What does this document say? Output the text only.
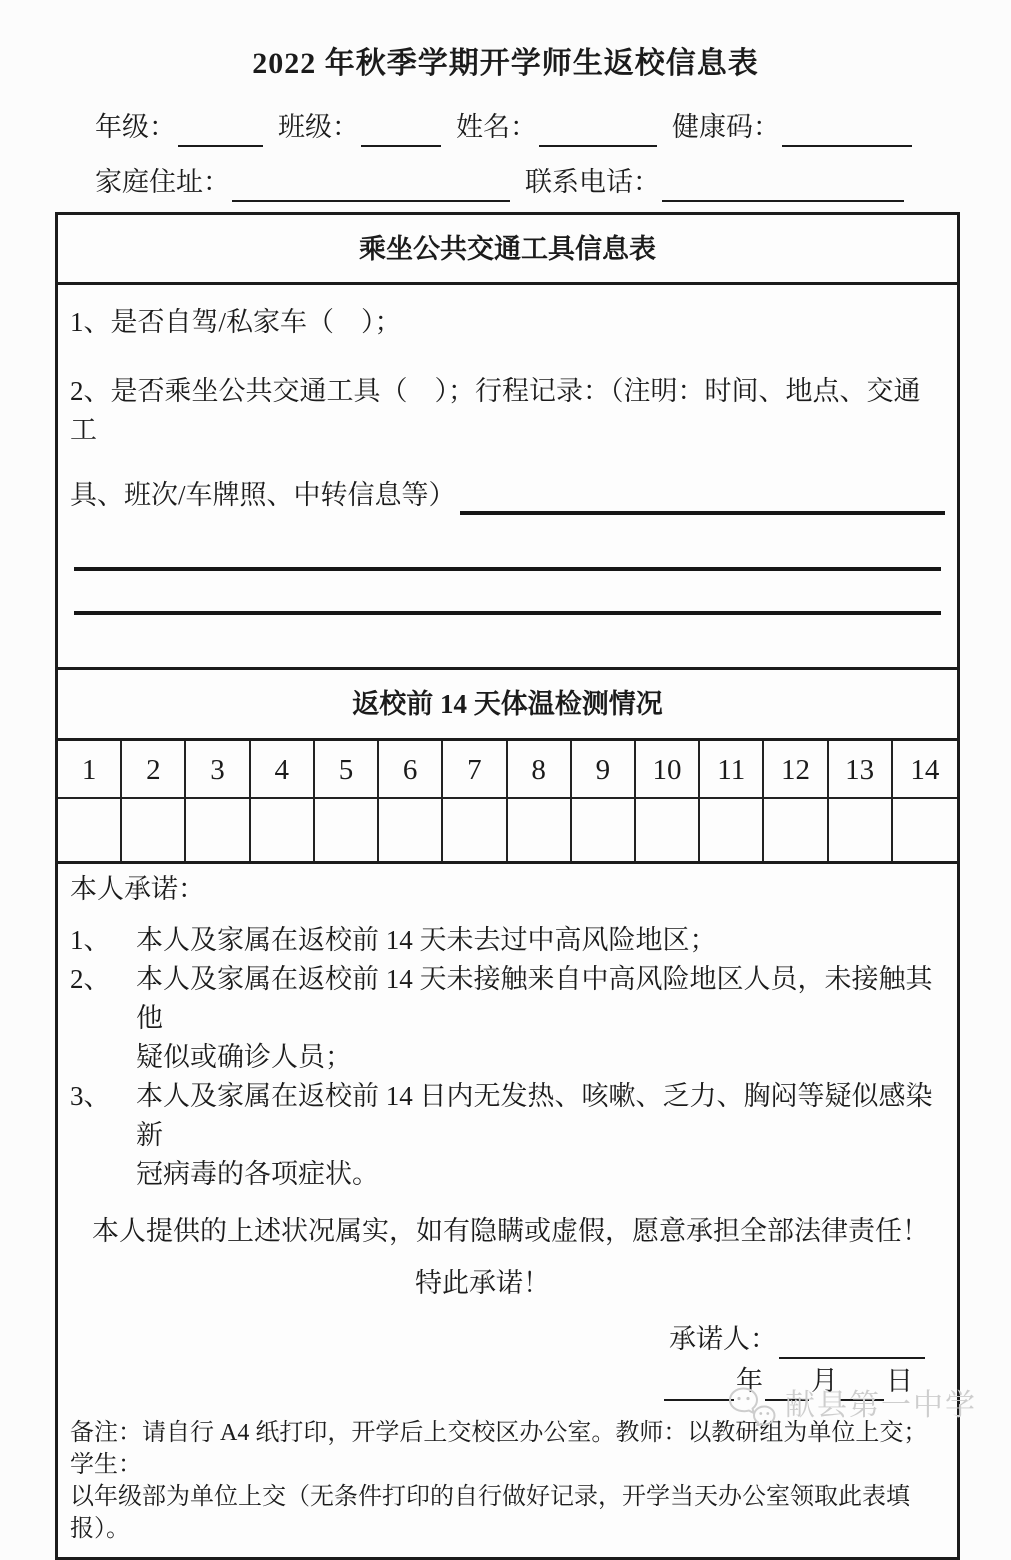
2022 年秋季学期开学师生返校信息表
年级：	班级：	姓名：	健康码：
家庭住址：	联系电话：
乘坐公共交通工具信息表
1、是否自驾/私家车（　）；
2、是否乘坐公共交通工具（　）；行程记录：（注明：时间、地点、交通工
具、班次/车牌照、中转信息等）
返校前 14 天体温检测情况
1	2	3	4	5	6	7	8	9	10	11	12	13	14
本人承诺：
1、 本人及家属在返校前 14 天未去过中高风险地区；
2、 本人及家属在返校前 14 天未接触来自中高风险地区人员，未接触其他
疑似或确诊人员；
3、 本人及家属在返校前 14 日内无发热、咳嗽、乏力、胸闷等疑似感染新
冠病毒的各项症状。
本人提供的上述状况属实，如有隐瞒或虚假，愿意承担全部法律责任！
特此承诺！
承诺人：
年 月 日
备注：请自行 A4 纸打印，开学后上交校区办公室。教师：以教研组为单位上交；学生：
以年级部为单位上交（无条件打印的自行做好记录，开学当天办公室领取此表填报）。
献县第一中学
